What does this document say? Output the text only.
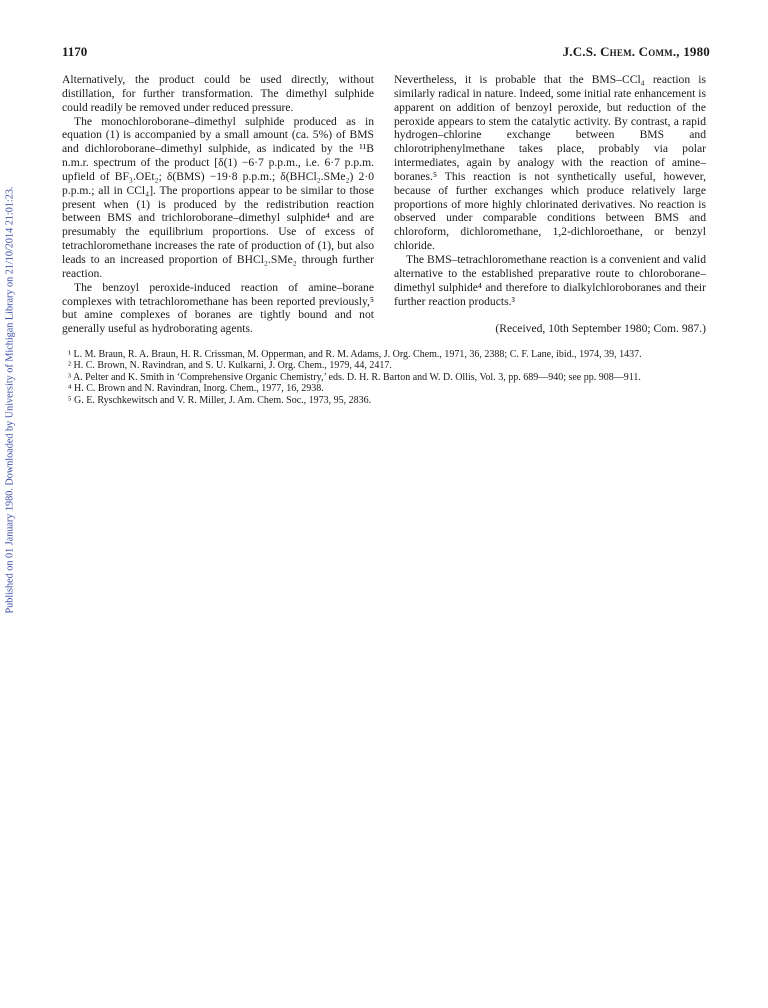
1170	J.C.S. Chem. Comm., 1980
Published on 01 January 1980. Downloaded by University of Michigan Library on 21/10/2014 21:01:23.

Alternatively, the product could be used directly, without distillation, for further transformation. The dimethyl sulphide could readily be removed under reduced pressure.

The monochloroborane–dimethyl sulphide produced as in equation (1) is accompanied by a small amount (ca. 5%) of BMS and dichloroborane–dimethyl sulphide, as indicated by the ¹¹B n.m.r. spectrum of the product [δ(1) −6·7 p.p.m., i.e. 6·7 p.p.m. upfield of BF₃.OEt₂; δ(BMS) −19·8 p.p.m.; δ(BHCl₂.SMe₂) 2·0 p.p.m.; all in CCl₄]. The proportions appear to be similar to those present when (1) is produced by the redistribution reaction between BMS and trichloroborane–dimethyl sulphide⁴ and are presumably the equilibrium proportions. Use of excess of tetrachloromethane increases the rate of production of (1), but also leads to an increased proportion of BHCl₂.SMe₂ through further reaction.

The benzoyl peroxide-induced reaction of amine–borane complexes with tetrachloromethane has been reported previously,⁵ but amine complexes of boranes are tightly bound and not generally useful as hydroborating agents.

Nevertheless, it is probable that the BMS–CCl₄ reaction is similarly radical in nature. Indeed, some initial rate enhancement is apparent on addition of benzoyl peroxide, but reduction of the peroxide appears to stem the catalytic activity. By contrast, a rapid hydrogen–chlorine exchange between BMS and chlorotriphenylmethane takes place, probably via polar intermediates, again by analogy with the reaction of amine–boranes.⁵ This reaction is not synthetically useful, however, because of further exchanges which produce relatively large proportions of more highly chlorinated derivatives. No reaction is observed under comparable conditions between BMS and chloroform, dichloromethane, 1,2-dichloroethane, or benzyl chloride.

The BMS–tetrachloromethane reaction is a convenient and valid alternative to the established preparative route to chloroborane–dimethyl sulphide⁴ and therefore to dialkylchloroboranes and their further reaction products.³

(Received, 10th September 1980; Com. 987.)

¹ L. M. Braun, R. A. Braun, H. R. Crissman, M. Opperman, and R. M. Adams, J. Org. Chem., 1971, 36, 2388; C. F. Lane, ibid., 1974, 39, 1437.

² H. C. Brown, N. Ravindran, and S. U. Kulkarni, J. Org. Chem., 1979, 44, 2417.

³ A. Pelter and K. Smith in ‘Comprehensive Organic Chemistry,’ eds. D. H. R. Barton and W. D. Ollis, Vol. 3, pp. 689—940; see pp. 908—911.

⁴ H. C. Brown and N. Ravindran, Inorg. Chem., 1977, 16, 2938.

⁵ G. E. Ryschkewitsch and V. R. Miller, J. Am. Chem. Soc., 1973, 95, 2836.
